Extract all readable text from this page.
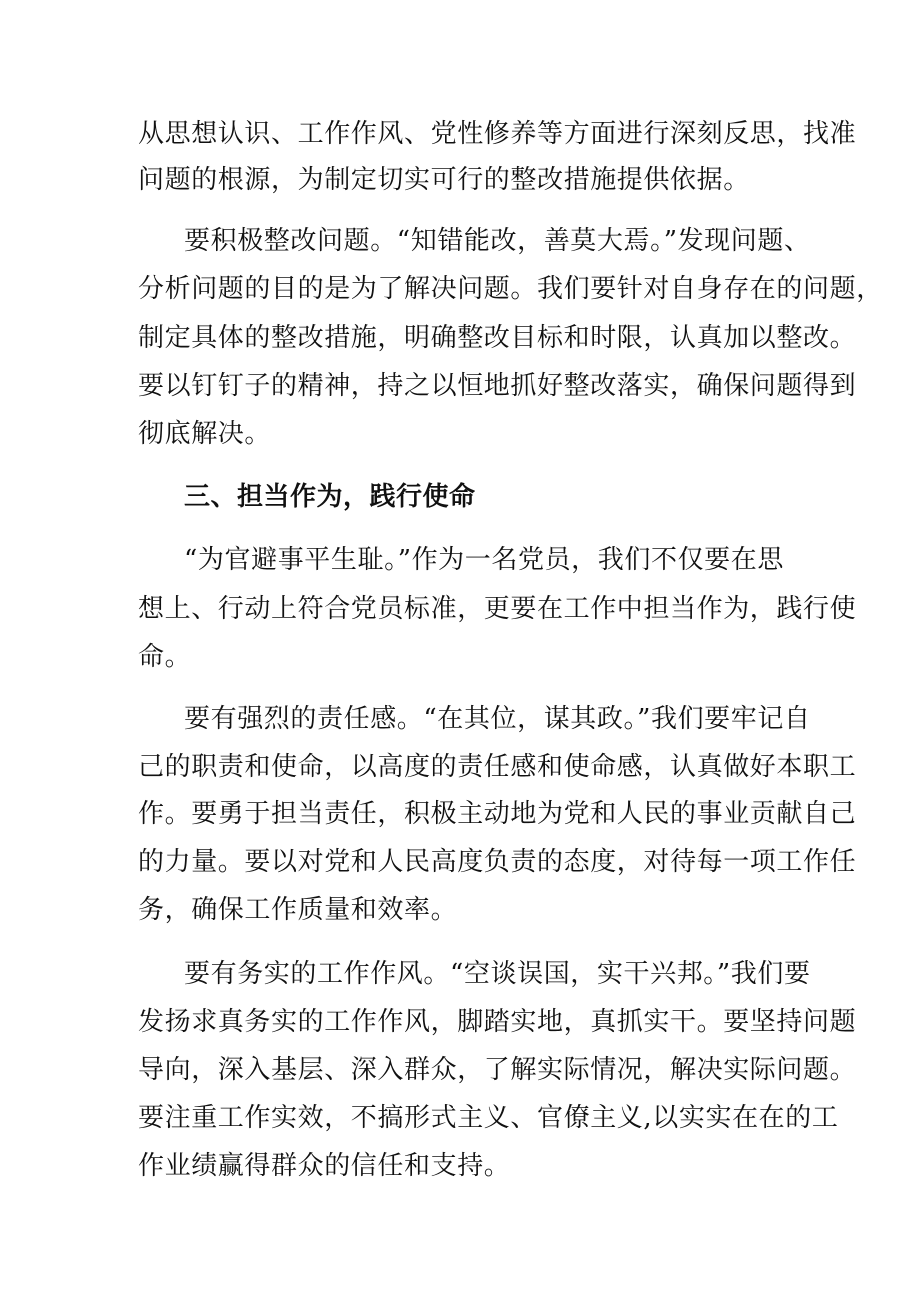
从思想认识、工作作风、党性修养等方面进行深刻反思，找准
问题的根源，为制定切实可行的整改措施提供依据。
要积极整改问题。“知错能改，善莫大焉。”发现问题、
分析问题的目的是为了解决问题。我们要针对自身存在的问题，
制定具体的整改措施，明确整改目标和时限，认真加以整改。
要以钉钉子的精神，持之以恒地抓好整改落实，确保问题得到
彻底解决。
三、担当作为，践行使命
“为官避事平生耻。”作为一名党员，我们不仅要在思
想上、行动上符合党员标准，更要在工作中担当作为，践行使
命。
要有强烈的责任感。“在其位，谋其政。”我们要牢记自
己的职责和使命，以高度的责任感和使命感，认真做好本职工
作。要勇于担当责任，积极主动地为党和人民的事业贡献自己
的力量。要以对党和人民高度负责的态度，对待每一项工作任
务，确保工作质量和效率。
要有务实的工作作风。“空谈误国，实干兴邦。”我们要
发扬求真务实的工作作风，脚踏实地，真抓实干。要坚持问题
导向，深入基层、深入群众，了解实际情况，解决实际问题。
要注重工作实效，不搞形式主义、官僚主义,以实实在在的工
作业绩赢得群众的信任和支持。
